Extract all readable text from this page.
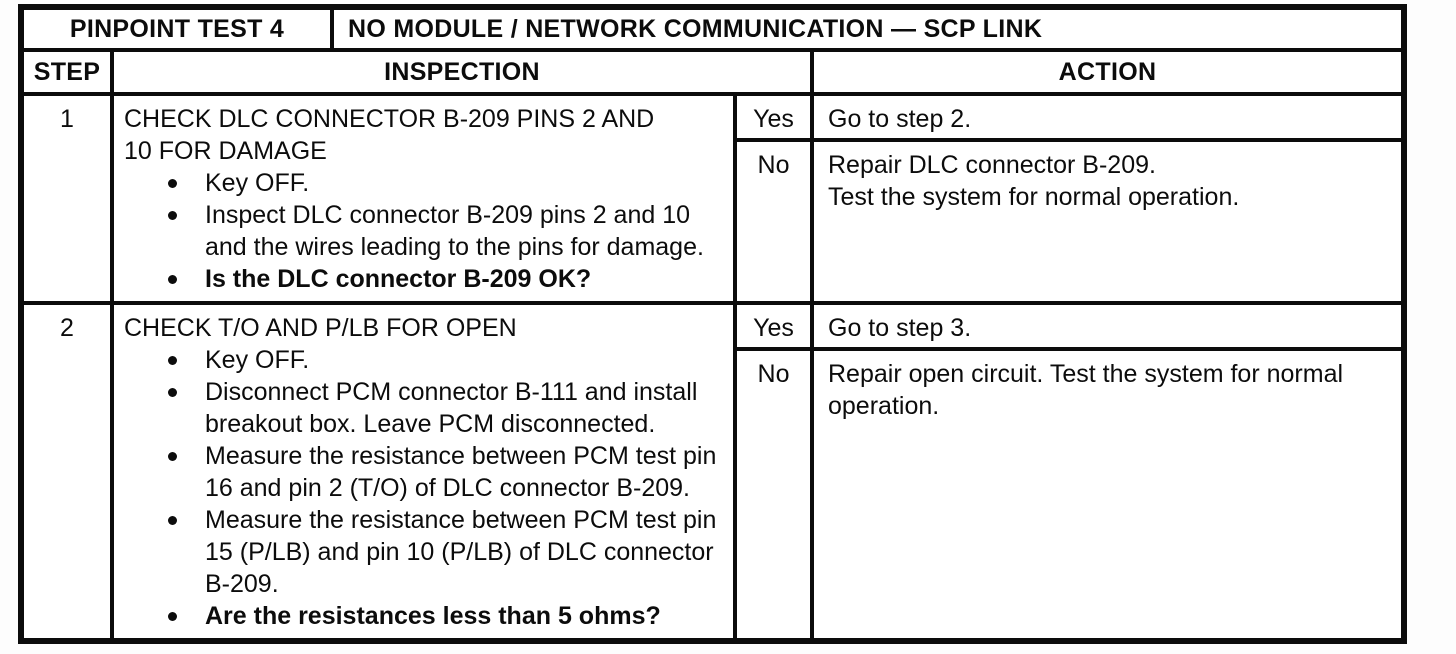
PINPOINT TEST 4	NO MODULE / NETWORK COMMUNICATION — SCP LINK
STEP	INSPECTION	ACTION
1	CHECK DLC CONNECTOR B-209 PINS 2 AND 10 FOR DAMAGE
Key OFF.
Inspect DLC connector B-209 pins 2 and 10 and the wires leading to the pins for damage.
Is the DLC connector B-209 OK?
Yes	Go to step 2.
No	Repair DLC connector B-209.
Test the system for normal operation.
2	CHECK T/O AND P/LB FOR OPEN
Key OFF.
Disconnect PCM connector B-111 and install breakout box. Leave PCM disconnected.
Measure the resistance between PCM test pin 16 and pin 2 (T/O) of DLC connector B-209.
Measure the resistance between PCM test pin 15 (P/LB) and pin 10 (P/LB) of DLC connector B-209.
Are the resistances less than 5 ohms?
Yes	Go to step 3.
No	Repair open circuit. Test the system for normal operation.
